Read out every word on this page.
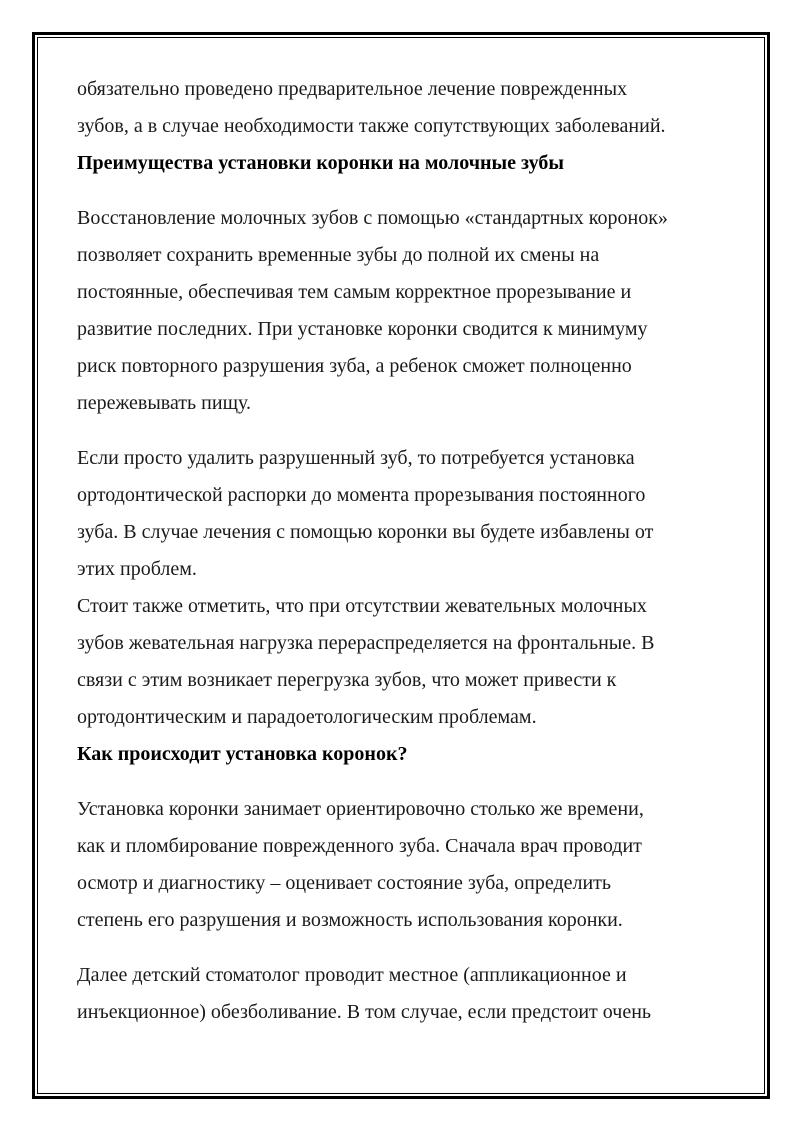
обязательно проведено предварительное лечение поврежденных
зубов, а в случае необходимости также сопутствующих заболеваний.
Преимущества установки коронки на молочные зубы
Восстановление молочных зубов с помощью «стандартных коронок»
позволяет сохранить временные зубы до полной их смены на
постоянные, обеспечивая тем самым корректное прорезывание и
развитие последних. При установке коронки сводится к минимуму
риск повторного разрушения зуба, а ребенок сможет полноценно
пережевывать пищу.
Если просто удалить разрушенный зуб, то потребуется установка
ортодонтической распорки до момента прорезывания постоянного
зуба. В случае лечения с помощью коронки вы будете избавлены от
этих проблем.
Стоит также отметить, что при отсутствии жевательных молочных
зубов жевательная нагрузка перераспределяется на фронтальные. В
связи с этим возникает перегрузка зубов, что может привести к
ортодонтическим и парадоетологическим проблемам.
Как происходит установка коронок?
Установка коронки занимает ориентировочно столько же времени,
как и пломбирование поврежденного зуба. Сначала врач проводит
осмотр и диагностику – оценивает состояние зуба, определить
степень его разрушения и возможность использования коронки.
Далее детский стоматолог проводит местное (аппликационное и
инъекционное) обезболивание. В том случае, если предстоит очень
